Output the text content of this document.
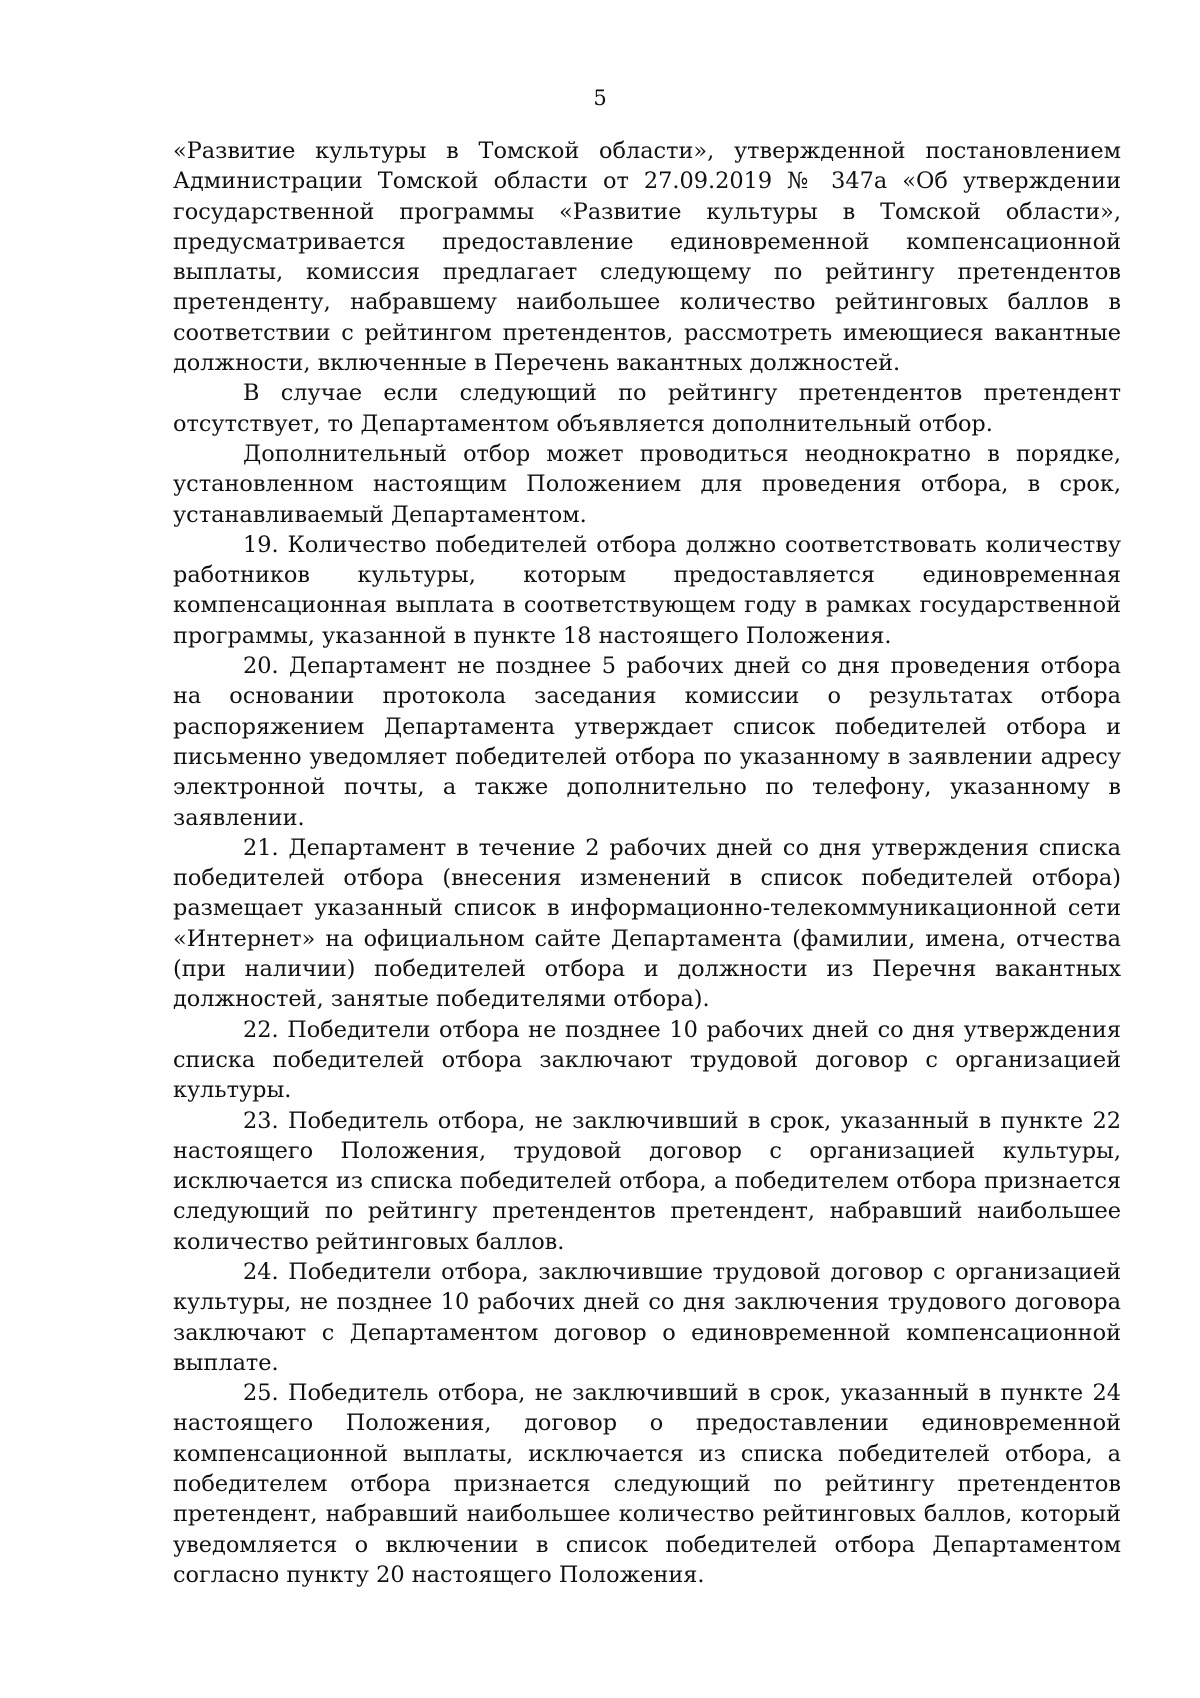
5

«Развитие культуры в Томской области», утвержденной постановлением Администрации Томской области от 27.09.2019 № 347а «Об утверждении государственной программы «Развитие культуры в Томской области», предусматривается предоставление единовременной компенсационной выплаты, комиссия предлагает следующему по рейтингу претендентов претенденту, набравшему наибольшее количество рейтинговых баллов в соответствии с рейтингом претендентов, рассмотреть имеющиеся вакантные должности, включенные в Перечень вакантных должностей.

В случае если следующий по рейтингу претендентов претендент отсутствует, то Департаментом объявляется дополнительный отбор.

Дополнительный отбор может проводиться неоднократно в порядке, установленном настоящим Положением для проведения отбора, в срок, устанавливаемый Департаментом.

19. Количество победителей отбора должно соответствовать количеству работников культуры, которым предоставляется единовременная компенсационная выплата в соответствующем году в рамках государственной программы, указанной в пункте 18 настоящего Положения.

20. Департамент не позднее 5 рабочих дней со дня проведения отбора на основании протокола заседания комиссии о результатах отбора распоряжением Департамента утверждает список победителей отбора и письменно уведомляет победителей отбора по указанному в заявлении адресу электронной почты, а также дополнительно по телефону, указанному в заявлении.

21. Департамент в течение 2 рабочих дней со дня утверждения списка победителей отбора (внесения изменений в список победителей отбора) размещает указанный список в информационно-телекоммуникационной сети «Интернет» на официальном сайте Департамента (фамилии, имена, отчества (при наличии) победителей отбора и должности из Перечня вакантных должностей, занятые победителями отбора).

22. Победители отбора не позднее 10 рабочих дней со дня утверждения списка победителей отбора заключают трудовой договор с организацией культуры.

23. Победитель отбора, не заключивший в срок, указанный в пункте 22 настоящего Положения, трудовой договор с организацией культуры, исключается из списка победителей отбора, а победителем отбора признается следующий по рейтингу претендентов претендент, набравший наибольшее количество рейтинговых баллов.

24. Победители отбора, заключившие трудовой договор с организацией культуры, не позднее 10 рабочих дней со дня заключения трудового договора заключают с Департаментом договор о единовременной компенсационной выплате.

25. Победитель отбора, не заключивший в срок, указанный в пункте 24 настоящего Положения, договор о предоставлении единовременной компенсационной выплаты, исключается из списка победителей отбора, а победителем отбора признается следующий по рейтингу претендентов претендент, набравший наибольшее количество рейтинговых баллов, который уведомляется о включении в список победителей отбора Департаментом согласно пункту 20 настоящего Положения.
